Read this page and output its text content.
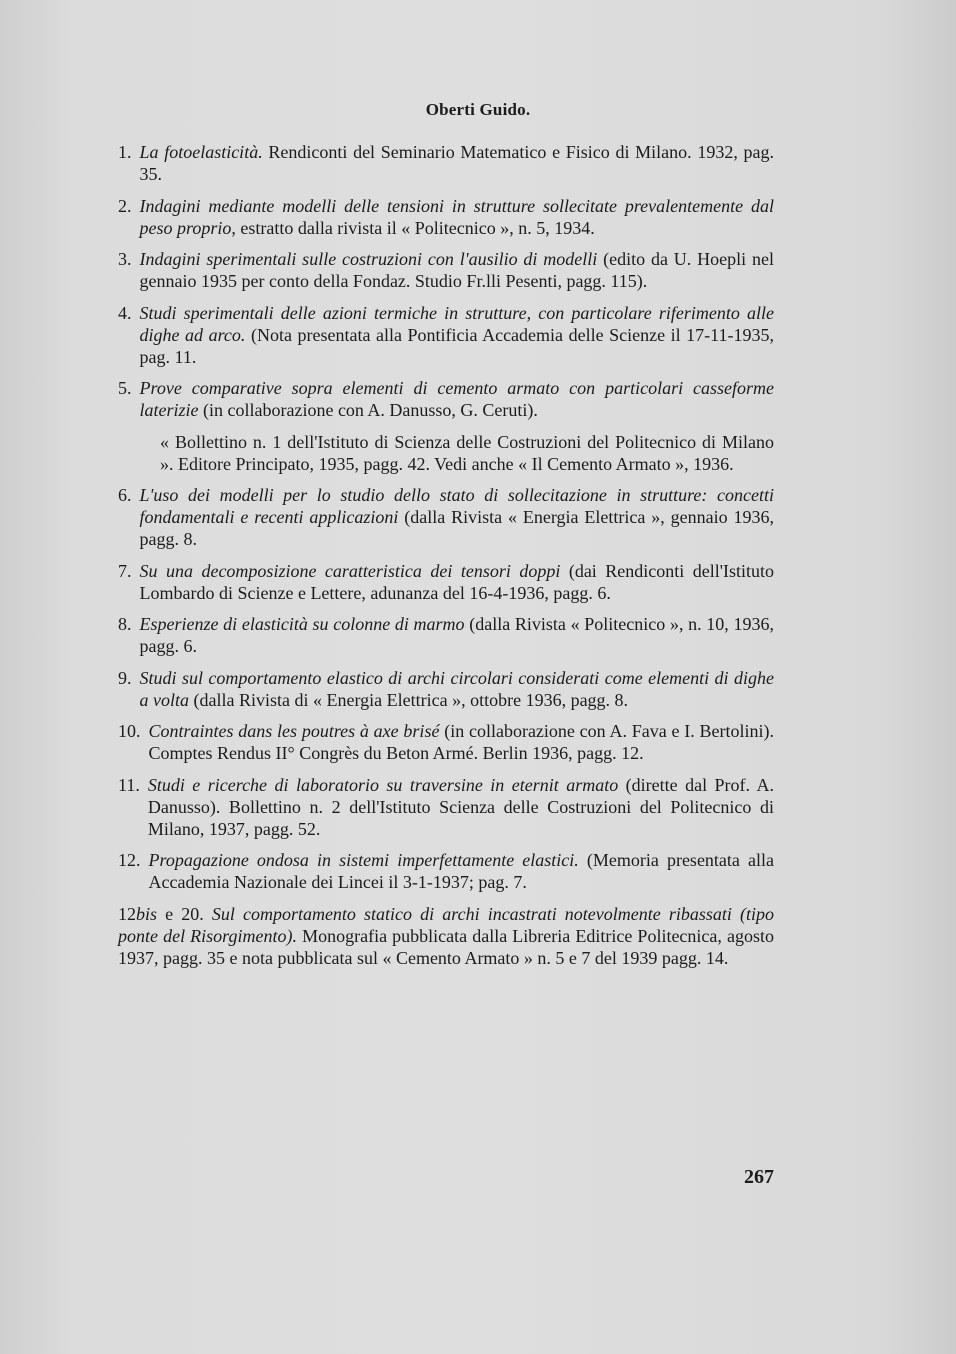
Oberti Guido.
1. La fotoelasticità. Rendiconti del Seminario Matematico e Fisico di Milano. 1932, pag. 35.
2. Indagini mediante modelli delle tensioni in strutture sollecitate prevalentemente dal peso proprio, estratto dalla rivista il « Politecnico », n. 5, 1934.
3. Indagini sperimentali sulle costruzioni con l'ausilio di modelli (edito da U. Hoepli nel gennaio 1935 per conto della Fondaz. Studio Fr.lli Pesenti, pagg. 115).
4. Studi sperimentali delle azioni termiche in strutture, con particolare riferimento alle dighe ad arco. (Nota presentata alla Pontificia Accademia delle Scienze il 17-11-1935, pag. 11.
5. Prove comparative sopra elementi di cemento armato con particolari casseforme laterizie (in collaborazione con A. Danusso, G. Ceruti).
« Bollettino n. 1 dell'Istituto di Scienza delle Costruzioni del Politecnico di Milano ». Editore Principato, 1935, pagg. 42. Vedi anche « Il Cemento Armato », 1936.
6. L'uso dei modelli per lo studio dello stato di sollecitazione in strutture: concetti fondamentali e recenti applicazioni (dalla Rivista « Energia Elettrica », gennaio 1936, pagg. 8.
7. Su una decomposizione caratteristica dei tensori doppi (dai Rendiconti dell'Istituto Lombardo di Scienze e Lettere, adunanza del 16-4-1936, pagg. 6.
8. Esperienze di elasticità su colonne di marmo (dalla Rivista « Politecnico », n. 10, 1936, pagg. 6.
9. Studi sul comportamento elastico di archi circolari considerati come elementi di dighe a volta (dalla Rivista di « Energia Elettrica », ottobre 1936, pagg. 8.
10. Contraintes dans les poutres à axe brisé (in collaborazione con A. Fava e I. Bertolini). Comptes Rendus II° Congrès du Beton Armé. Berlin 1936, pagg. 12.
11. Studi e ricerche di laboratorio su traversine in eternit armato (dirette dal Prof. A. Danusso). Bollettino n. 2 dell'Istituto Scienza delle Costruzioni del Politecnico di Milano, 1937, pagg. 52.
12. Propagazione ondosa in sistemi imperfettamente elastici. (Memoria presentata alla Accademia Nazionale dei Lincei il 3-1-1937; pag. 7.
12bis e 20. Sul comportamento statico di archi incastrati notevolmente ribassati (tipo ponte del Risorgimento). Monografia pubblicata dalla Libreria Editrice Politecnica, agosto 1937, pagg. 35 e nota pubblicata sul « Cemento Armato » n. 5 e 7 del 1939 pagg. 14.
267
